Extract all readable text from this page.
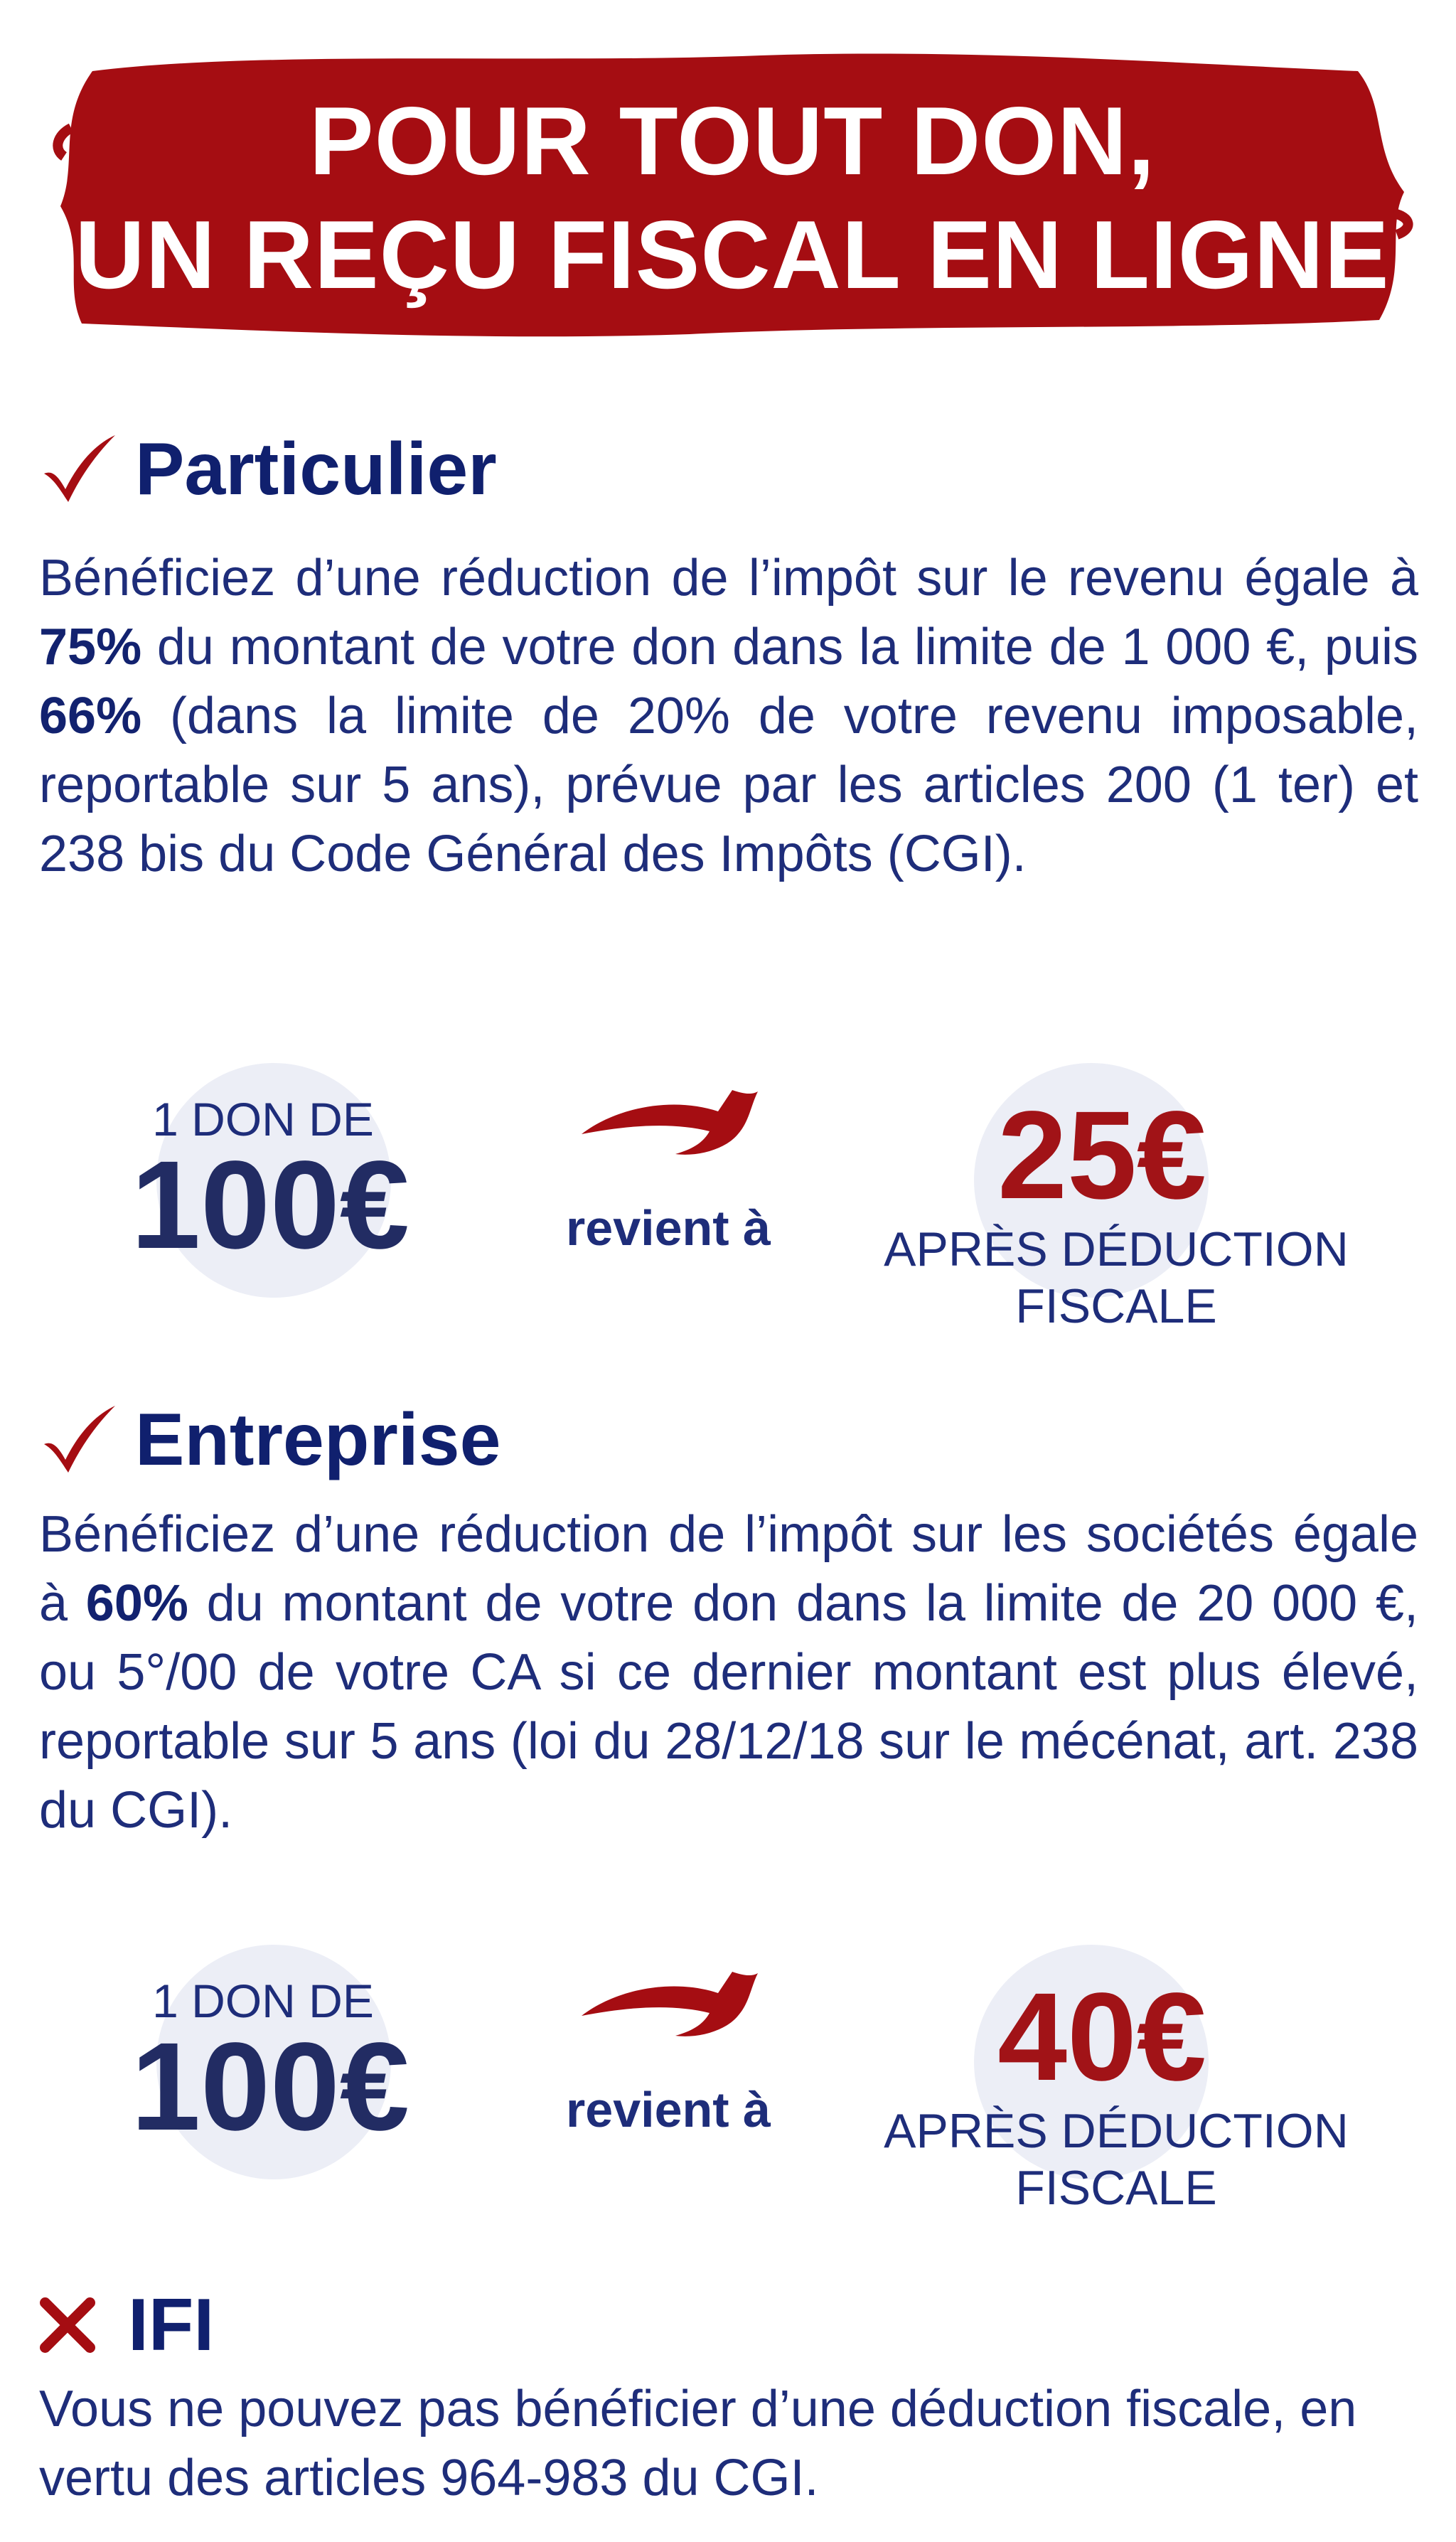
POUR TOUT DON,
UN REÇU FISCAL EN LIGNE
Particulier
Bénéficiez d’une réduction de l’impôt sur le revenu égale à 75% du montant de votre don dans la limite de 1 000 €, puis 66% (dans la limite de 20% de votre revenu imposable, reportable sur 5 ans), prévue par les articles 200 (1 ter) et 238 bis du Code Général des Impôts (CGI).
1 DON DE
100€	revient à
25€
APRÈS DÉDUCTION
FISCALE
Entreprise
Bénéficiez d’une réduction de l’impôt sur les sociétés égale à 60% du montant de votre don dans la limite de 20 000 €, ou 5°/00 de votre CA si ce dernier montant est plus élevé, reportable sur 5 ans (loi du 28/12/18 sur le mécénat, art. 238 du CGI).
1 DON DE
100€	revient à
40€
APRÈS DÉDUCTION
FISCALE
IFI
Vous ne pouvez pas bénéficier d’une déduction fiscale, en vertu des articles 964-983 du CGI.
